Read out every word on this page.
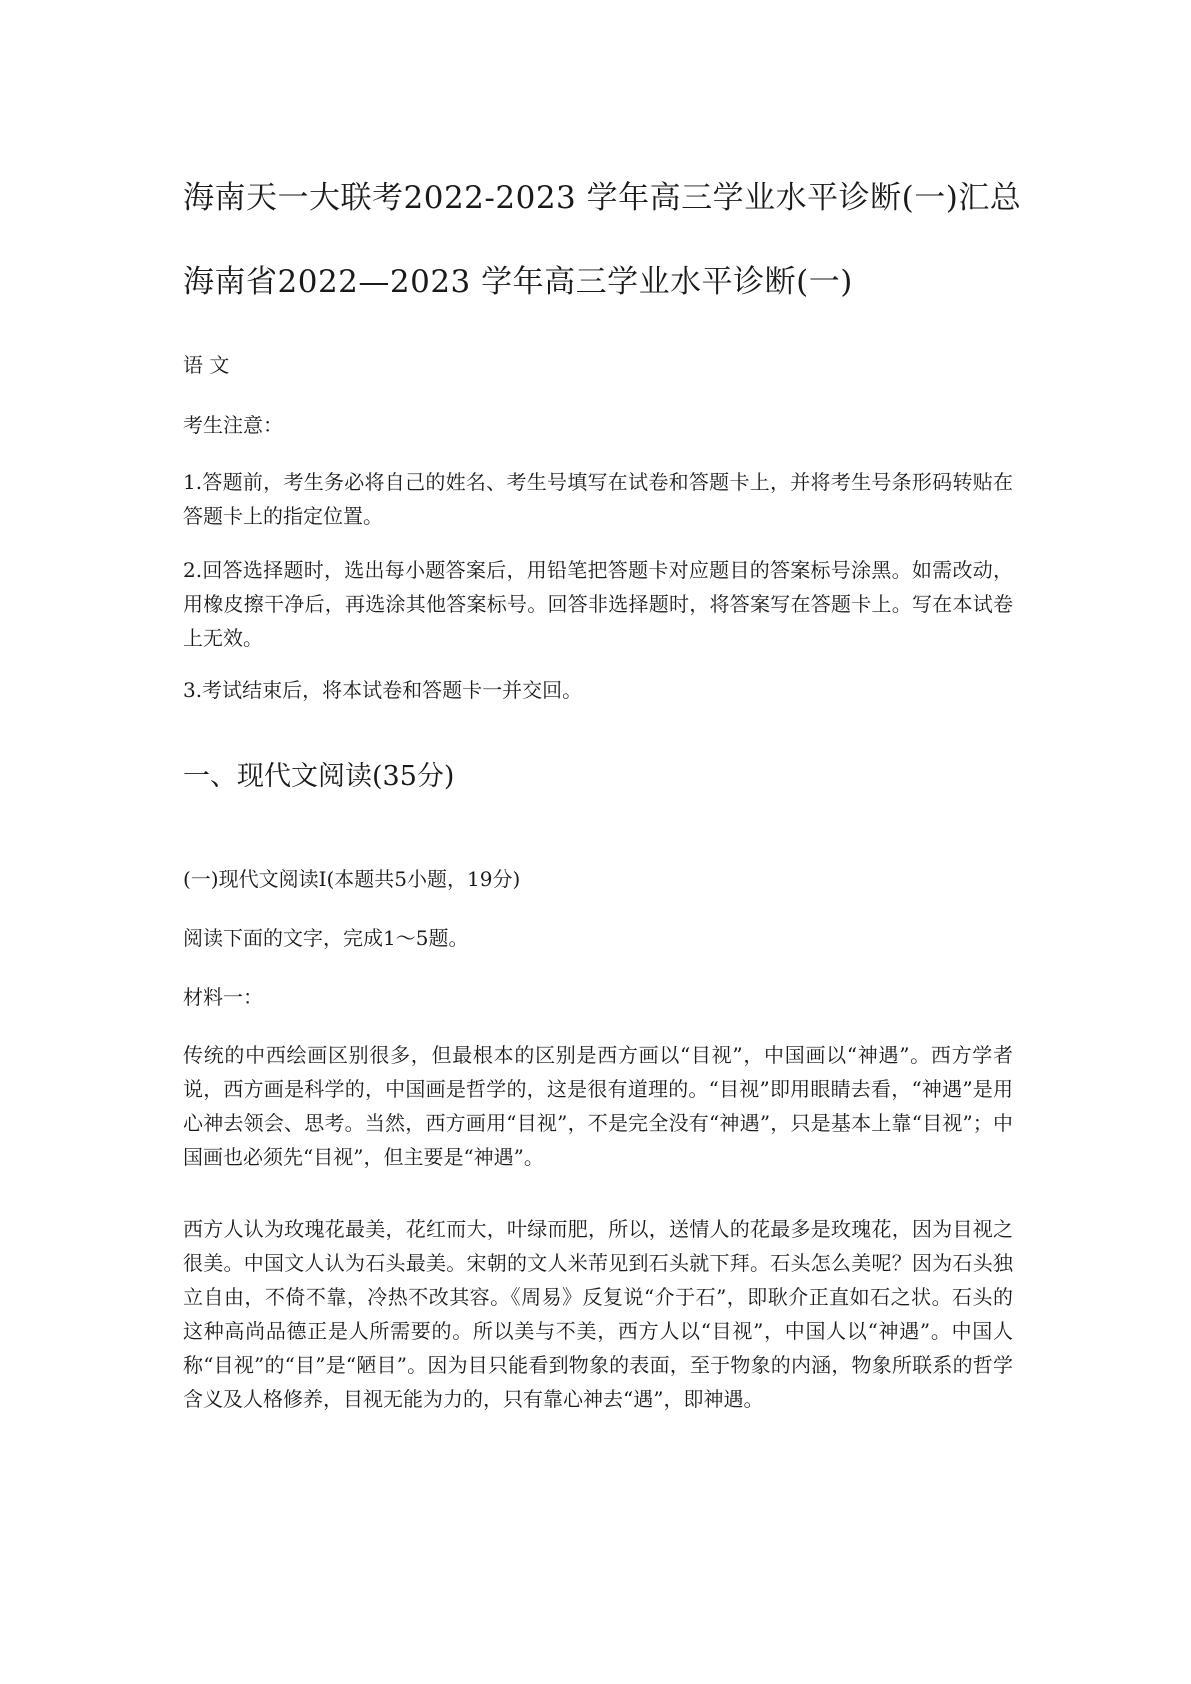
海南天一大联考2022-2023 学年高三学业水平诊断(一)汇总
海南省2022—2023 学年高三学业水平诊断(一)

语 文

考生注意：

1.答题前，考生务必将自己的姓名、考生号填写在试卷和答题卡上，并将考生号条形码转贴在答题卡上的指定位置。

2.回答选择题时，选出每小题答案后，用铅笔把答题卡对应题目的答案标号涂黑。如需改动，用橡皮擦干净后，再选涂其他答案标号。回答非选择题时，将答案写在答题卡上。写在本试卷上无效。

3.考试结束后，将本试卷和答题卡一并交回。

一、现代文阅读(35分)

(一)现代文阅读Ⅰ(本题共5小题，19分)

阅读下面的文字，完成1～5题。

材料一：

传统的中西绘画区别很多，但最根本的区别是西方画以“目视”，中国画以“神遇”。西方学者说，西方画是科学的，中国画是哲学的，这是很有道理的。“目视”即用眼睛去看，“神遇”是用心神去领会、思考。当然，西方画用“目视”，不是完全没有“神遇”，只是基本上靠“目视”；中国画也必须先“目视”，但主要是“神遇”。

西方人认为玫瑰花最美，花红而大，叶绿而肥，所以，送情人的花最多是玫瑰花，因为目视之很美。中国文人认为石头最美。宋朝的文人米芾见到石头就下拜。石头怎么美呢？因为石头独立自由，不倚不靠，冷热不改其容。《周易》反复说“介于石”，即耿介正直如石之状。石头的这种高尚品德正是人所需要的。所以美与不美，西方人以“目视”，中国人以“神遇”。中国人称“目视”的“目”是“陋目”。因为目只能看到物象的表面，至于物象的内涵，物象所联系的哲学含义及人格修养，目视无能为力的，只有靠心神去“遇”，即神遇。
